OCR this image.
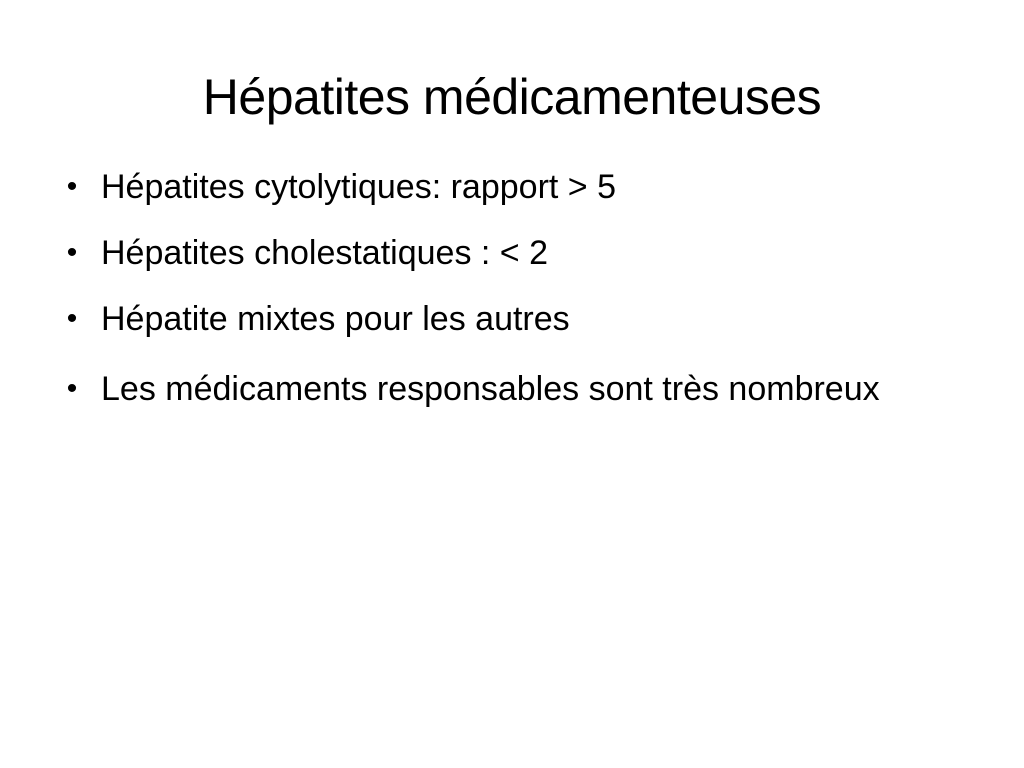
Hépatites médicamenteuses
• Hépatites cytolytiques: rapport > 5
• Hépatites cholestatiques : < 2
• Hépatite mixtes pour les autres
• Les médicaments responsables sont très nombreux
